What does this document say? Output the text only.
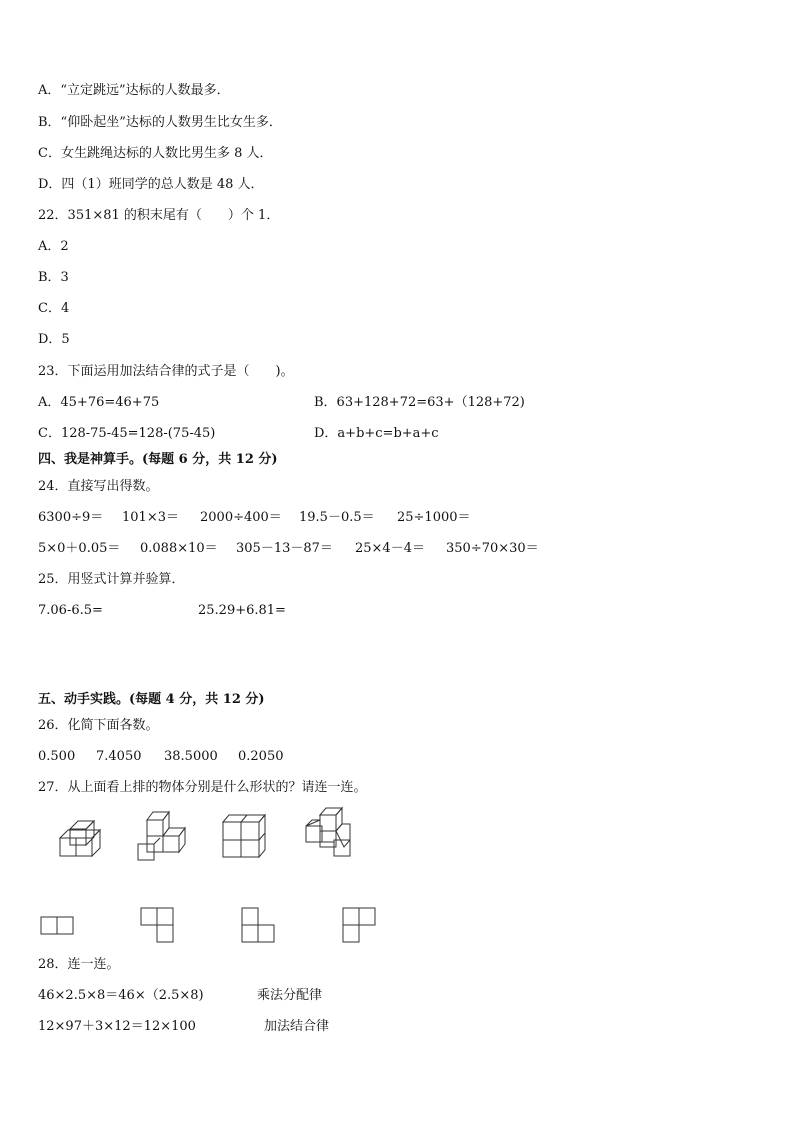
A．“立定跳远”达标的人数最多．
B．“仰卧起坐”达标的人数男生比女生多．
C．女生跳绳达标的人数比男生多 8 人．
D．四（1）班同学的总人数是 48 人．
22．351×81 的积末尾有（　　）个 1．
A．2
B．3
C．4
D．5
23．下面运用加法结合律的式子是（　　)。
A．45+76=46+75	B．63+128+72=63+（128+72)
C．128-75-45=128-(75-45)	D．a+b+c=b+a+c
四、我是神算手。(每题 6 分，共 12 分)
24．直接写出得数。
6300÷9＝ 101×3＝ 2000÷400＝ 19.5－0.5＝ 25÷1000＝
5×0＋0.05＝ 0.088×10＝ 305－13－87＝ 25×4－4＝ 350÷70×30＝
25．用竖式计算并验算．
7.06-6.5=	25.29+6.81=
五、动手实践。(每题 4 分，共 12 分)
26．化简下面各数。
0.500 7.4050 38.5000 0.2050
27．从上面看上排的物体分别是什么形状的？请连一连。
28．连一连。
46×2.5×8＝46×（2.5×8)	乘法分配律
12×97＋3×12＝12×100	加法结合律
